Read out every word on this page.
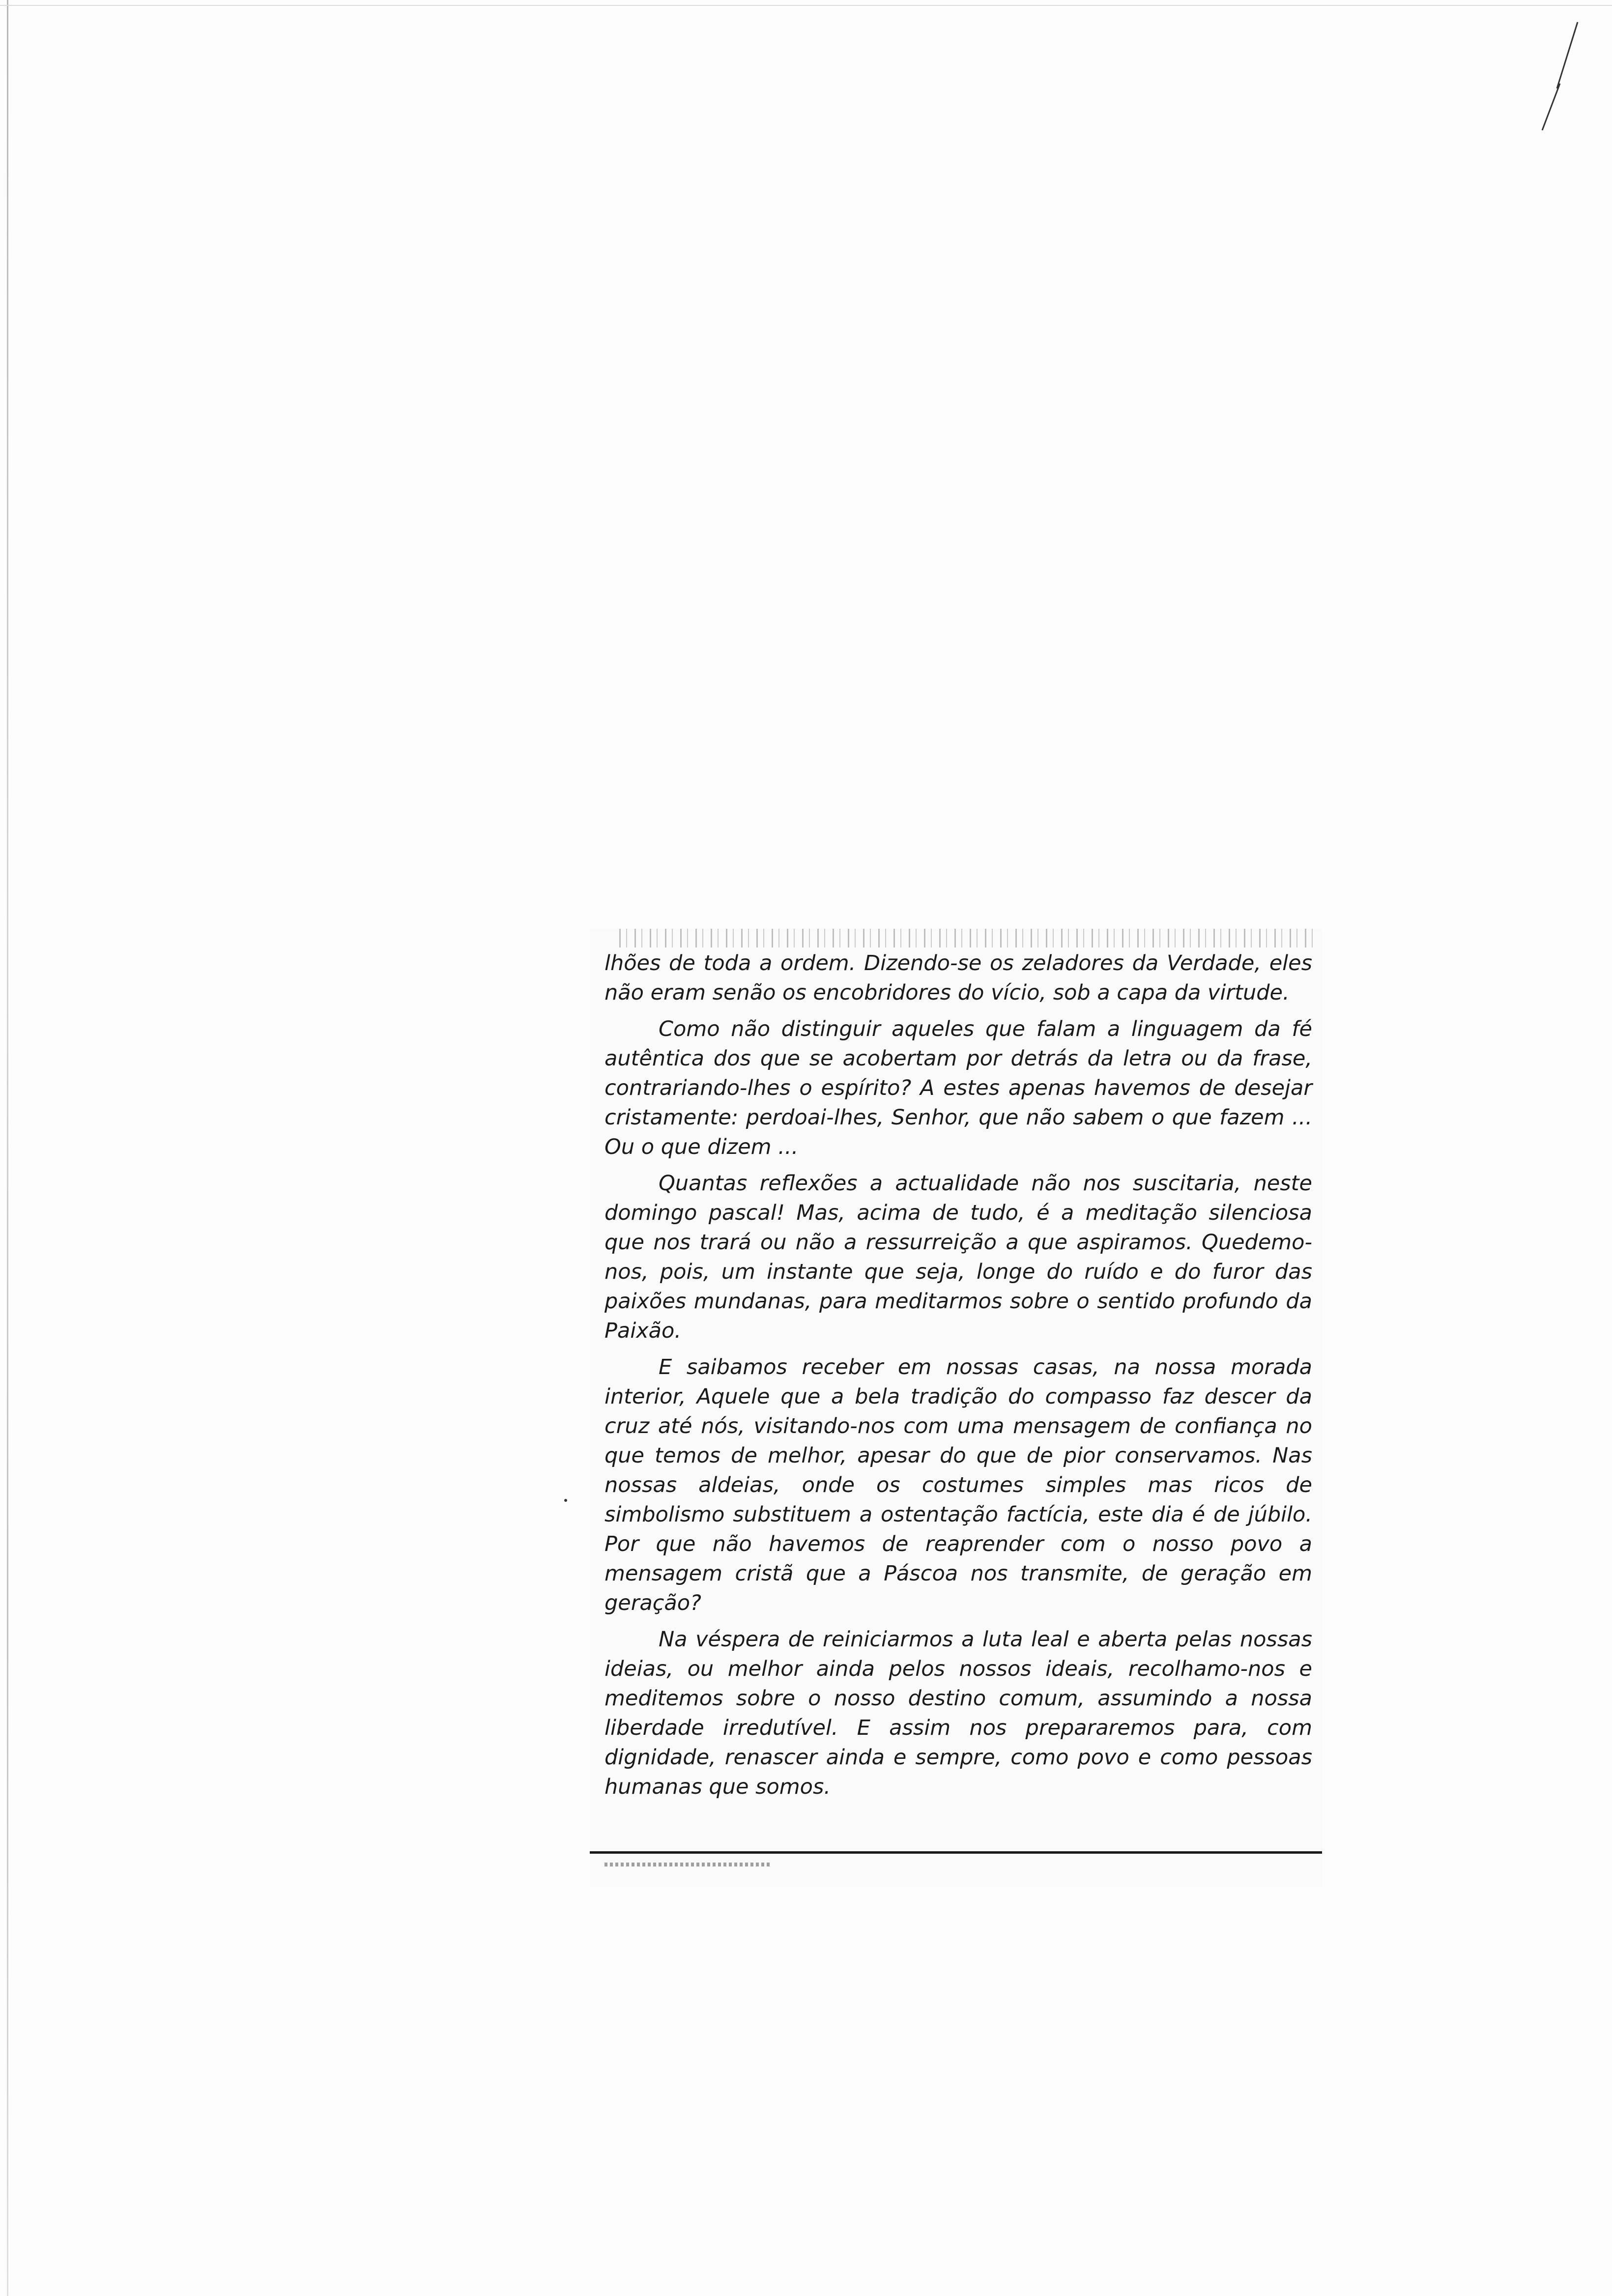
lhões de toda a ordem. Dizendo-se os zeladores da Verdade, eles não eram senão os encobridores do vício, sob a capa da virtude.

Como não distinguir aqueles que falam a linguagem da fé autêntica dos que se acobertam por detrás da letra ou da frase, contrariando-lhes o espírito? A estes apenas havemos de desejar cristamente: perdoai-lhes, Senhor, que não sabem o que fazem ... Ou o que dizem ...

Quantas reflexões a actualidade não nos suscitaria, neste domingo pascal! Mas, acima de tudo, é a meditação silenciosa que nos trará ou não a ressurreição a que aspiramos. Quedemo-nos, pois, um instante que seja, longe do ruído e do furor das paixões mundanas, para meditarmos sobre o sentido profundo da Paixão.

E saibamos receber em nossas casas, na nossa morada interior, Aquele que a bela tradição do compasso faz descer da cruz até nós, visitando-nos com uma mensagem de confiança no que temos de melhor, apesar do que de pior conservamos. Nas nossas aldeias, onde os costumes simples mas ricos de simbolismo substituem a ostentação factícia, este dia é de júbilo. Por que não havemos de reaprender com o nosso povo a mensagem cristã que a Páscoa nos transmite, de geração em geração?

Na véspera de reiniciarmos a luta leal e aberta pelas nossas ideias, ou melhor ainda pelos nossos ideais, recolhamo-nos e meditemos sobre o nosso destino comum, assumindo a nossa liberdade irredutível. E assim nos prepararemos para, com dignidade, renascer ainda e sempre, como povo e como pessoas humanas que somos.
